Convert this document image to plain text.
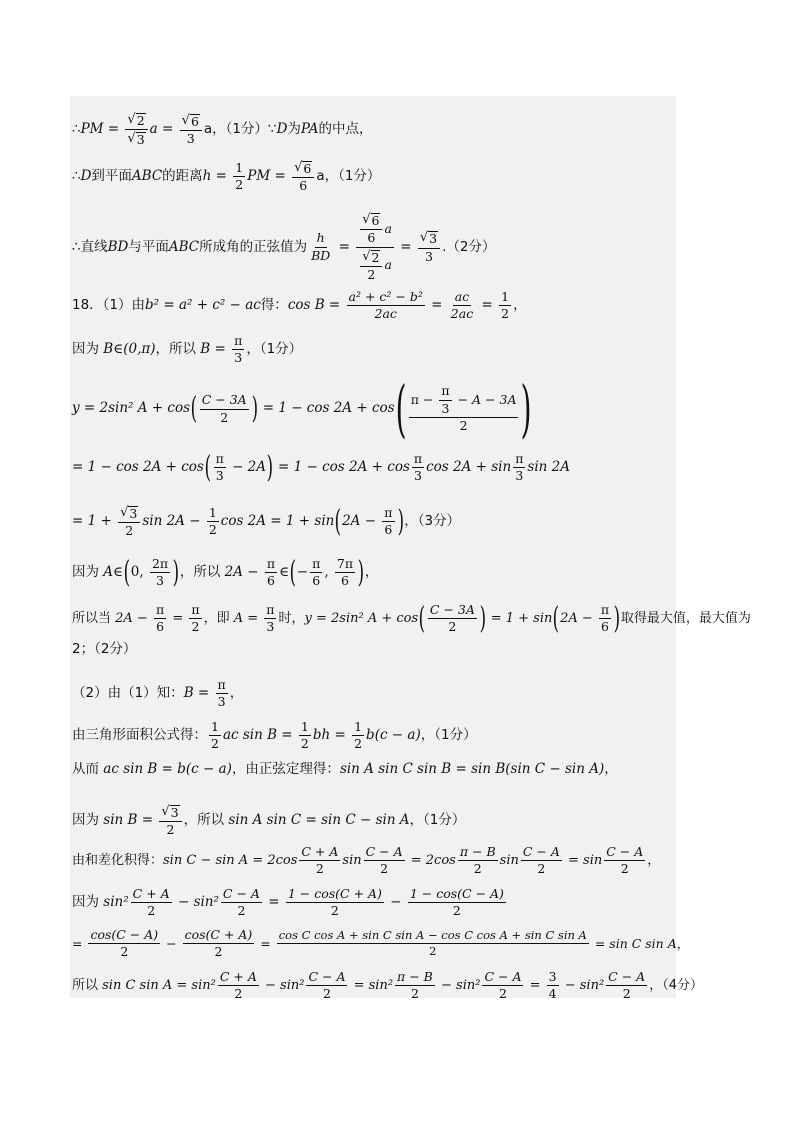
∴ PM = $\frac{√ 2}{√ 3}$ $a = \frac{√ 6}{3}$ a，（1分）∵ D 为 PA 的中点，
∴ D 到平面 ABC 的距离 $h = \frac{1}{2}$ PM = $\frac{√ 6}{6}$ a，（1分）
∴直线 BD 与平面 ABC 所成角的正弦值为 $\frac{h}{BD} = \frac{\frac{√ 6}{6} a}{\frac{√ 2}{2} a} = \frac{√ 3}{3} .(2$分）
18．（1）由 b² = a² + c² − ac 得： $\cos B = \frac{\text{a² + c² − b²}}{2ac} = \frac{ac}{2ac} = \frac{1}{2}$ ，
因为 B∈(0,π) ，所以 $B = \frac{\pi}{3}$ ，（1分）
y = 2sin² A + cos ( $\frac{C - 3A}{2}$ ) = 1 − cos 2A + cos ( $\frac{\pi - \frac{\pi}{3} - A - 3A}{2}$ )
= 1 − cos 2A + cos ( $\frac{\pi}{3} - 2A$ ) = $1 - \cos 2A + \cos \frac{\pi}{3}$ $\cos 2A + \sin \frac{\pi}{3}$ sin 2A
= $1 + \frac{√ 3}{2}$ $\sin 2A - \frac{1}{2}$ cos 2A = 1 + sin ( $2A - \frac{\pi}{6}$ ) ，（3分）
因为 A∈ ( 0, $\frac{2\pi}{3}$ ) ，所以 $2A - \frac{\pi}{6}$ ∈ ( − $\frac{\pi}{6}$ , $\frac{7\pi}{6}$ ) ，
所以当 $2A - \frac{\pi}{6} = \frac{\pi}{2}$ ，即 $A = \frac{\pi}{3}$ 时， y = 2sin² A + cos ( $\frac{C - 3A}{2}$ ) = 1 + sin ( $2A - \frac{\pi}{6}$ ) 取得最大值，最大值为
2；（2分）
（2）由（1）知： $B = \frac{\pi}{3}$ ，
由三角形面积公式得： $\frac{1}{2}$ ac $\sin B = \frac{1}{2}$ bh = $\frac{1}{2} b(c - a)$ ，（1分）
从而 ac sin B = b(c − a) ，由正弦定理得： sin A sin C sin B = sin B(sin C − sin A) ，
因为 $\sin B = \frac{√ 3}{2}$ ，所以 sin A sin C = sin C − sin A ，（1分）
由和差化积得： $\sin C - \sin A = 2\cos \frac{C + A}{2}$ $\sin \frac{C - A}{2} = 2\cos \frac{\pi - B}{2}$ $\sin \frac{C - A}{2} = \sin \frac{C - A}{2}$ ，
因为 $\sin^2 \frac{C + A}{2} - \sin^2 \frac{C - A}{2} = \frac{1 - \cos(C + A)}{2} - \frac{1 - \cos(C - A)}{2}$
= $\frac{\cos(C - A)}{2} - \frac{\cos(C + A)}{2} = \frac{\text{cos C cos A + sin C sin A − cos C cos A + sin C sin A}}{2} = \sin C$ sin A ，
所以 sin C $\sin A = \sin^2 \frac{C + A}{2} - \sin^2 \frac{C - A}{2} = \sin^2 \frac{\pi - B}{2} - \sin^2 \frac{C - A}{2} = \frac{3}{4} - \sin^2 \frac{C - A}{2}$ ，（4分）
